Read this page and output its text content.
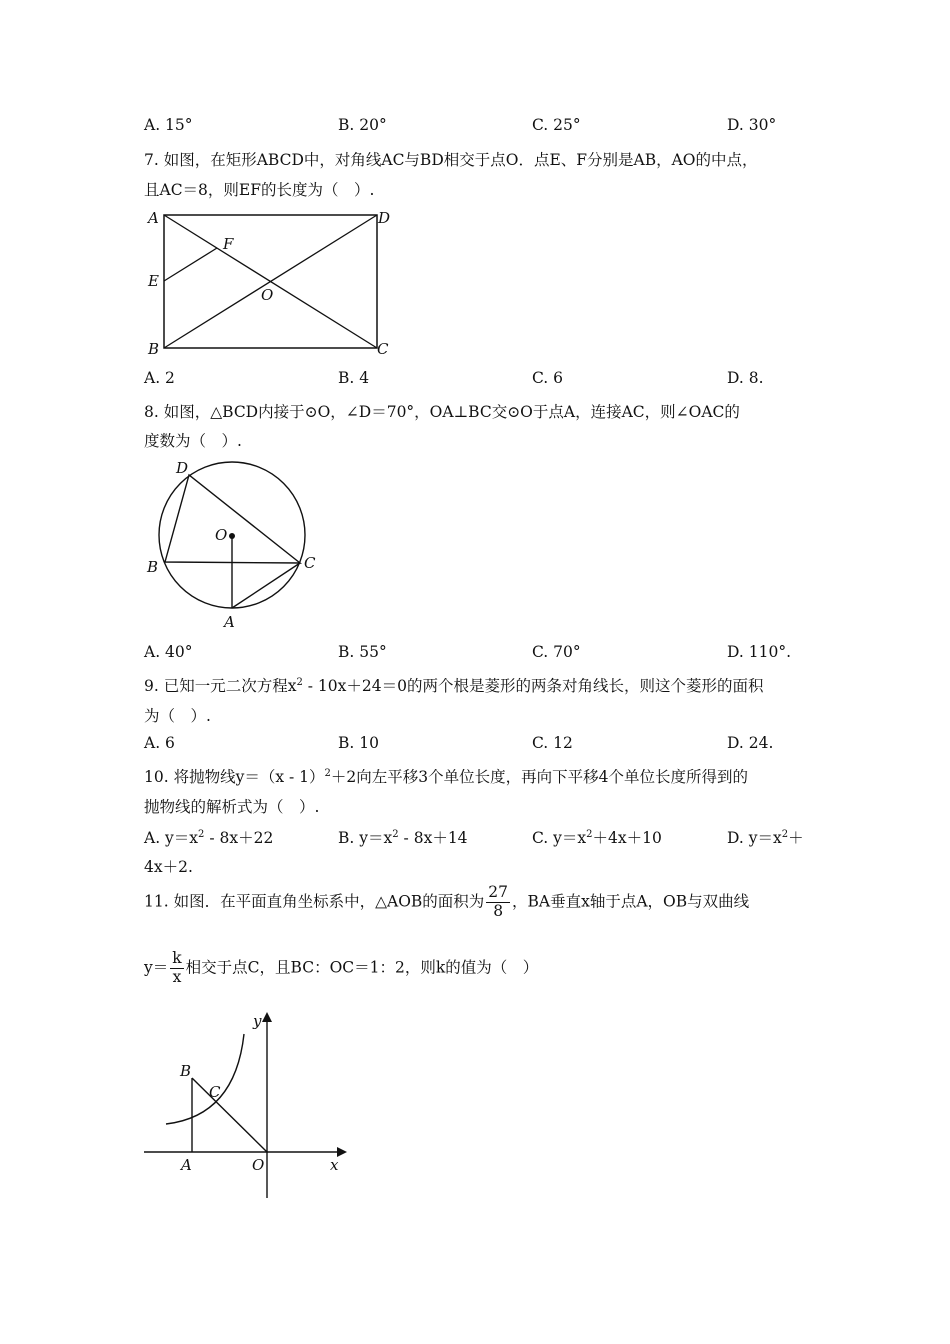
A. 15°	B. 20°	C. 25°	D. 30°
7. 如图，在矩形ABCD中，对角线AC与BD相交于点O．点E、F分别是AB，AO的中点，
且AC＝8，则EF的长度为（　）.
A	D
B	C
E
F
O
A. 2	B. 4	C. 6	D. 8.
8. 如图，△BCD内接于⊙O，∠D＝70°，OA⊥BC交⊙O于点A，连接AC，则∠OAC的
度数为（　）.
D
O
B	C
A
A. 40°	B. 55°	C. 70°	D. 110°.
9. 已知一元二次方程$x^2 - 10x+24=0$的两个根是菱形的两条对角线长，则这个菱形的面积
为（　）.
A. 6	B. 10	C. 12	D. 24.
10. 将抛物线y＝（x - 1）$^2$＋2向左平移3个单位长度，再向下平移4个单位长度所得到的
抛物线的解析式为（　）.
A. $y=x^2 - 8x+22$	B. $y=x^2 - 8x+14$	C. $y=x^2+4x+10$	D. $y=x^2+$
4x＋2.
11. 如图．在平面直角坐标系中，△AOB的面积为 $\frac{27}{8}$ ，BA垂直x轴于点A，OB与双曲线
$y= \frac{k}{x}$ 相交于点C，且BC：OC＝1：2，则k的值为（　）
B
C
A	O	x
y
